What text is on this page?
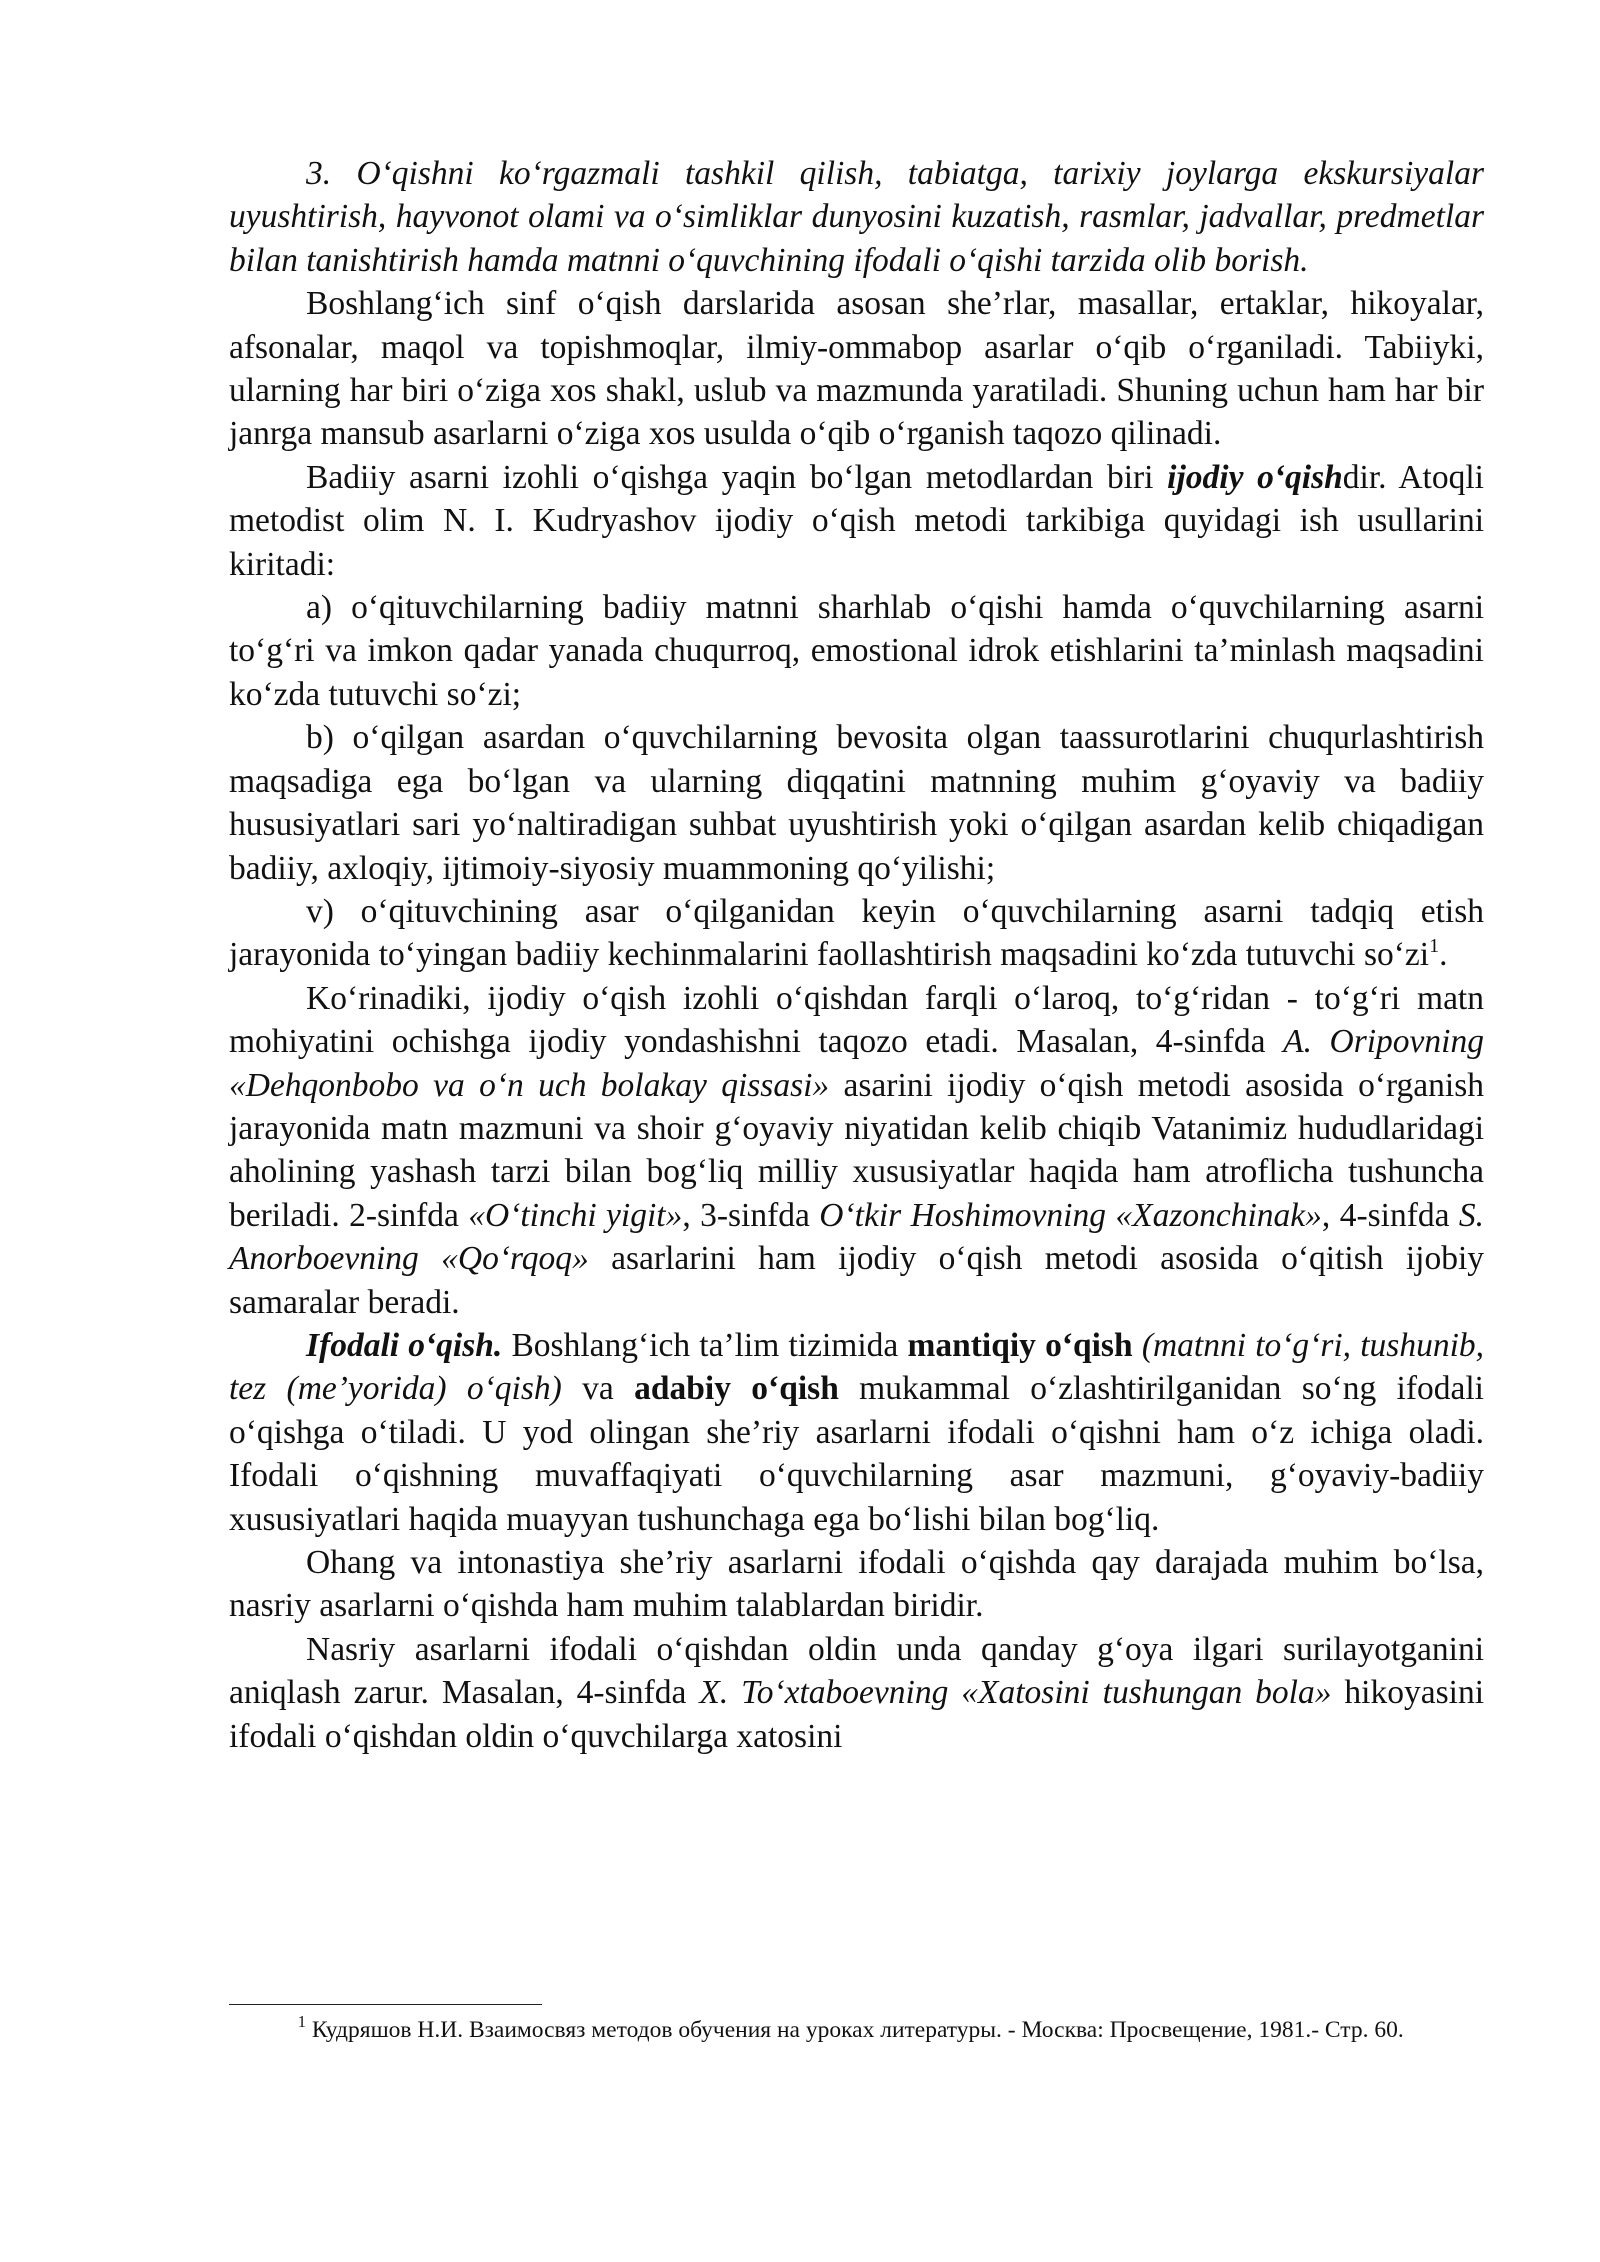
3. O‘qishni ko‘rgazmali tashkil qilish, tabiatga, tarixiy joylarga ekskursiyalar uyushtirish, hayvonot olami va o‘simliklar dunyosini kuzatish, rasmlar, jadvallar, predmetlar bilan tanishtirish hamda matnni o‘quvchining ifodali o‘qishi tarzida olib borish.

Boshlang‘ich sinf o‘qish darslarida asosan she’rlar, masallar, ertaklar, hikoyalar, afsonalar, maqol va topishmoqlar, ilmiy-ommabop asarlar o‘qib o‘rganiladi. Tabiiyki, ularning har biri o‘ziga xos shakl, uslub va mazmunda yaratiladi. Shuning uchun ham har bir janrga mansub asarlarni o‘ziga xos usulda o‘qib o‘rganish taqozo qilinadi.

Badiiy asarni izohli o‘qishga yaqin bo‘lgan metodlardan biri ijodiy o‘qishdir. Atoqli metodist olim N. I. Kudryashov ijodiy o‘qish metodi tarkibiga quyidagi ish usullarini kiritadi:

a) o‘qituvchilarning badiiy matnni sharhlab o‘qishi hamda o‘quvchilarning asarni to‘g‘ri va imkon qadar yanada chuqurroq, emostional idrok etishlarini ta’minlash maqsadini ko‘zda tutuvchi so‘zi;

b) o‘qilgan asardan o‘quvchilarning bevosita olgan taassurotlarini chuqurlashtirish maqsadiga ega bo‘lgan va ularning diqqatini matnning muhim g‘oyaviy va badiiy hususiyatlari sari yo‘naltiradigan suhbat uyushtirish yoki o‘qilgan asardan kelib chiqadigan badiiy, axloqiy, ijtimoiy-siyosiy muammoning qo‘yilishi;

v) o‘qituvchining asar o‘qilganidan keyin o‘quvchilarning asarni tadqiq etish jarayonida to‘yingan badiiy kechinmalarini faollashtirish maqsadini ko‘zda tutuvchi so‘zi$^1$.

Ko‘rinadiki, ijodiy o‘qish izohli o‘qishdan farqli o‘laroq, to‘g‘ridan - to‘g‘ri matn mohiyatini ochishga ijodiy yondashishni taqozo etadi. Masalan, 4-sinfda A. Oripovning «Dehqonbobo va o‘n uch bolakay qissasi» asarini ijodiy o‘qish metodi asosida o‘rganish jarayonida matn mazmuni va shoir g‘oyaviy niyatidan kelib chiqib Vatanimiz hududlaridagi aholining yashash tarzi bilan bog‘liq milliy xususiyatlar haqida ham atroflicha tushuncha beriladi. 2-sinfda «O‘tinchi yigit», 3-sinfda O‘tkir Hoshimovning «Xazonchinak», 4-sinfda S. Anorboevning «Qo‘rqoq» asarlarini ham ijodiy o‘qish metodi asosida o‘qitish ijobiy samaralar beradi.

Ifodali o‘qish. Boshlang‘ich ta’lim tizimida mantiqiy o‘qish (matnni to‘g‘ri, tushunib, tez (me’yorida) o‘qish) va adabiy o‘qish mukammal o‘zlashtirilganidan so‘ng ifodali o‘qishga o‘tiladi. U yod olingan she’riy asarlarni ifodali o‘qishni ham o‘z ichiga oladi. Ifodali o‘qishning muvaffaqiyati o‘quvchilarning asar mazmuni, g‘oyaviy-badiiy xususiyatlari haqida muayyan tushunchaga ega bo‘lishi bilan bog‘liq.

Ohang va intonastiya she’riy asarlarni ifodali o‘qishda qay darajada muhim bo‘lsa, nasriy asarlarni o‘qishda ham muhim talablardan biridir.

Nasriy asarlarni ifodali o‘qishdan oldin unda qanday g‘oya ilgari surilayotganini aniqlash zarur. Masalan, 4-sinfda X. To‘xtaboevning «Xatosini tushungan bola» hikoyasini ifodali o‘qishdan oldin o‘quvchilarga xatosini

$^1$ Кудряшов Н.И. Взаимосвяз методов обучения на уроках литературы. - Москва: Просвещение, 1981.- Стр. 60.
